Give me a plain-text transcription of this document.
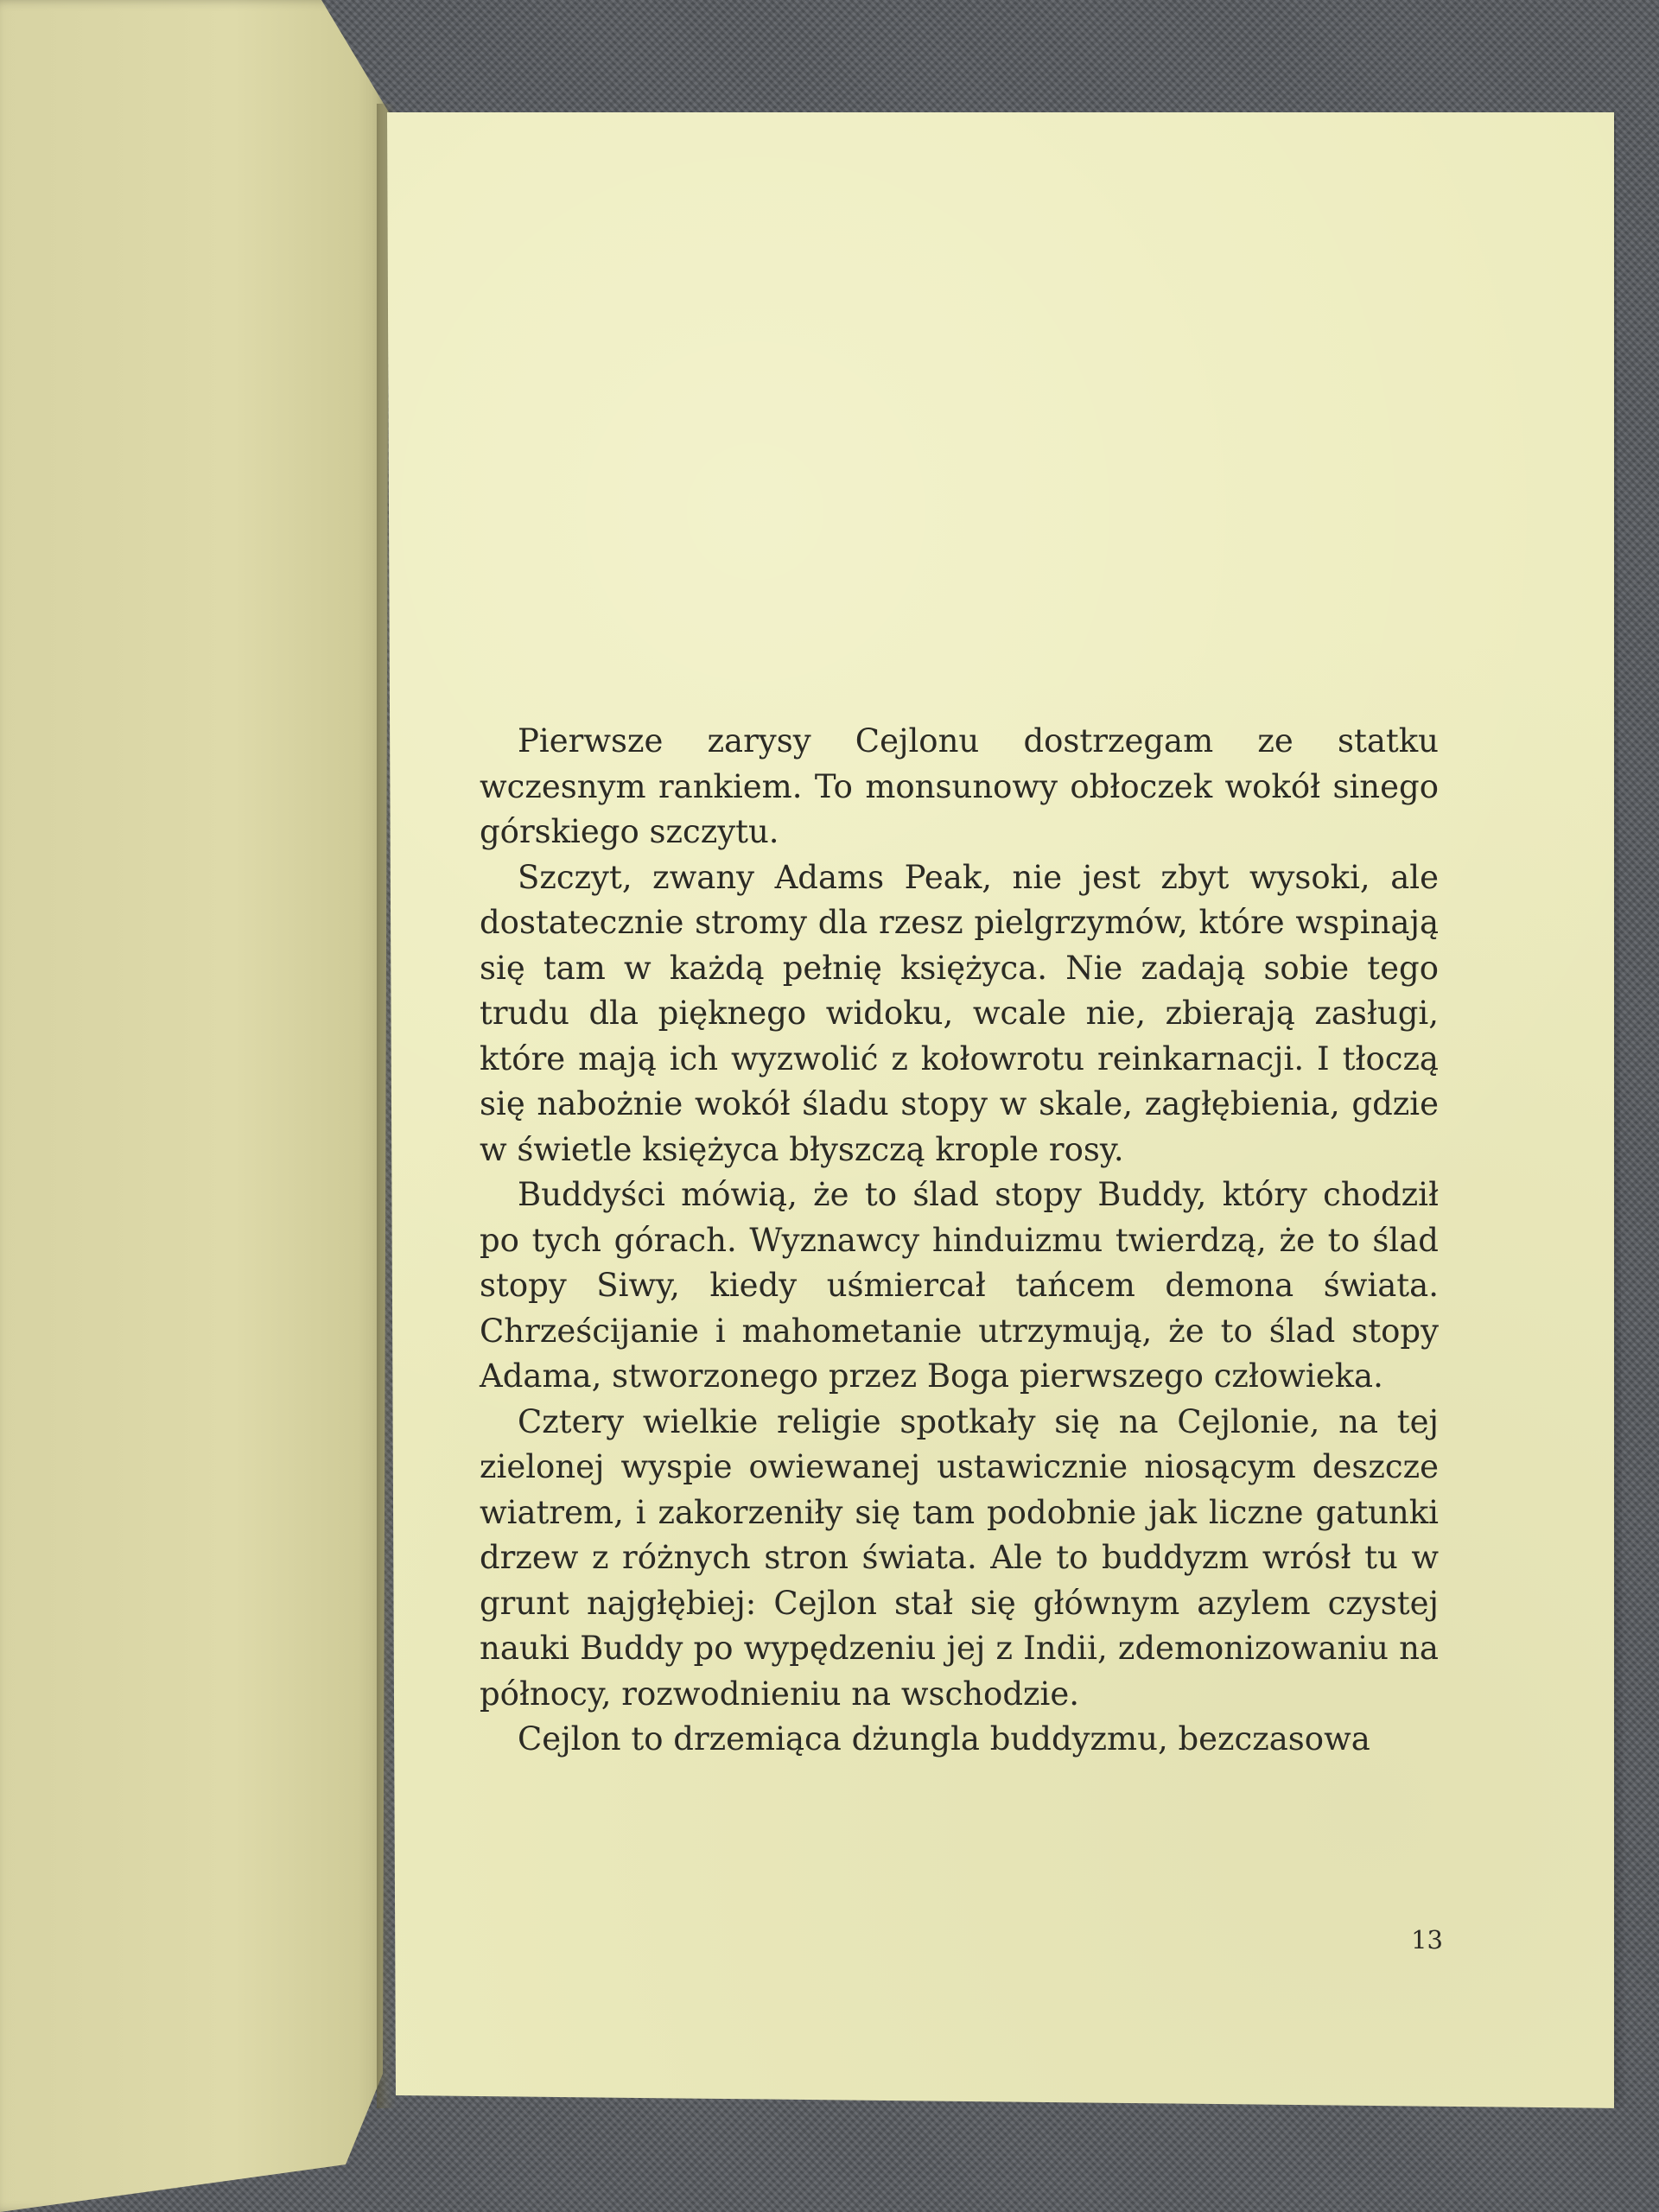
Pierwsze zarysy Cejlonu dostrzegam ze statku wczesnym rankiem. To monsunowy obłoczek wokół sinego górskiego szczytu.

Szczyt, zwany Adams Peak, nie jest zbyt wysoki, ale dostatecznie stromy dla rzesz pielgrzymów, które wspinają się tam w każdą pełnię księżyca. Nie zadają sobie tego trudu dla pięknego widoku, wcale nie, zbierają zasługi, które mają ich wyzwolić z kołowrotu reinkarnacji. I tłoczą się nabożnie wokół śladu stopy w skale, zagłębienia, gdzie w świetle księżyca błyszczą krople rosy.

Buddyści mówią, że to ślad stopy Buddy, który chodził po tych górach. Wyznawcy hinduizmu twierdzą, że to ślad stopy Siwy, kiedy uśmiercał tańcem demona świata. Chrześcijanie i mahometanie utrzymują, że to ślad stopy Adama, stworzonego przez Boga pierwszego człowieka.

Cztery wielkie religie spotkały się na Cejlonie, na tej zielonej wyspie owiewanej ustawicznie niosącym deszcze wiatrem, i zakorzeniły się tam podobnie jak liczne gatunki drzew z różnych stron świata. Ale to buddyzm wrósł tu w grunt najgłębiej: Cejlon stał się głównym azylem czystej nauki Buddy po wypędzeniu jej z Indii, zdemonizowaniu na północy, rozwodnieniu na wschodzie.

Cejlon to drzemiąca dżungla buddyzmu, bezczasowa

13
